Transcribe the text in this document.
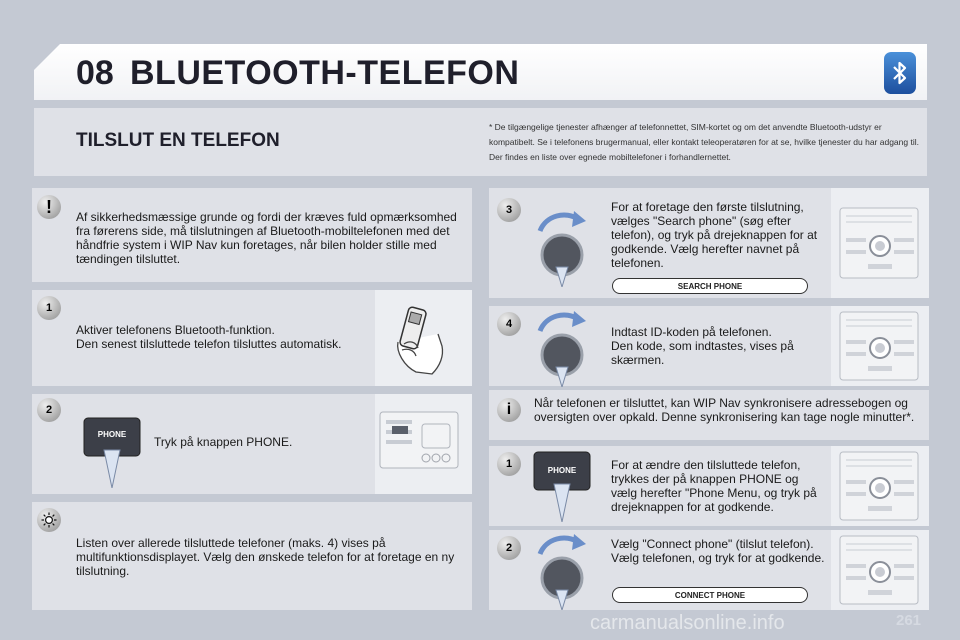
08 BLUETOOTH-TELEFON
TILSLUT EN TELEFON
* De tilgængelige tjenester afhænger af telefonnettet, SIM-kortet og om det anvendte Bluetooth-udstyr er kompatibelt. Se i telefonens brugermanual, eller kontakt teleoperatøren for at se, hvilke tjenester du har adgang til. Der findes en liste over egnede mobiltelefoner i forhandlernettet.
!
Af sikkerhedsmæssige grunde og fordi der kræves fuld opmærksomhed fra førerens side, må tilslutningen af Bluetooth-mobiltelefonen med det håndfrie system i WIP Nav kun foretages, når bilen holder stille med tændingen tilsluttet.
1
Aktiver telefonens Bluetooth-funktion.
Den senest tilsluttede telefon tilsluttes automatisk.
2
PHONE
Tryk på knappen PHONE.
Listen over allerede tilsluttede telefoner (maks. 4) vises på multifunktionsdisplayet. Vælg den ønskede telefon for at foretage en ny tilslutning.
3	For at foretage den første tilslutning, vælges "Search phone" (søg efter telefon), og tryk på drejeknappen for at godkende. Vælg herefter navnet på telefonen.
SEARCH PHONE
4
Indtast ID-koden på telefonen.
Den kode, som indtastes, vises på skærmen.
i	Når telefonen er tilsluttet, kan WIP Nav synkronisere adressebogen og oversigten over opkald. Denne synkronisering kan tage nogle minutter*.
1
PHONE	For at ændre den tilsluttede telefon, trykkes der på knappen PHONE og vælg herefter "Phone Menu, og tryk på drejeknappen for at godkende.
2	Vælg "Connect phone" (tilslut telefon). Vælg telefonen, og tryk for at godkende.
CONNECT PHONE
carmanualsonline.info	261
